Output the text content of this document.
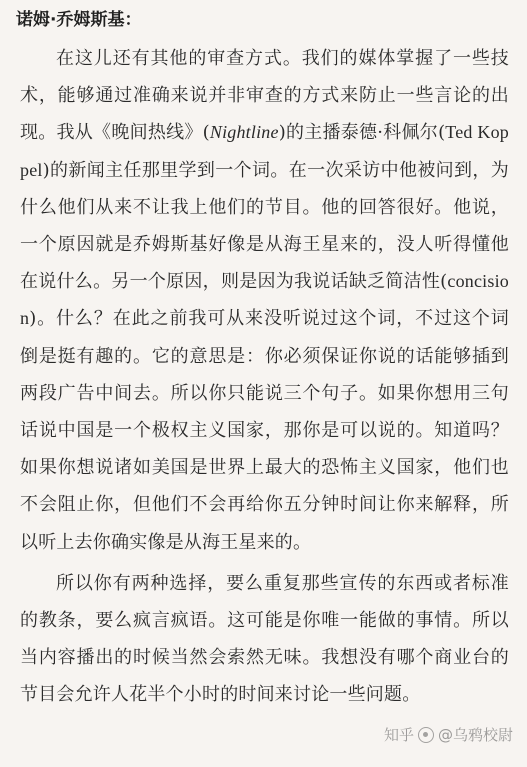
诺姆·乔姆斯基：

在这儿还有其他的审查方式。我们的媒体掌握了一些技术，能够通过准确来说并非审查的方式来防止一些言论的出现。我从《晚间热线》(Nightline)的主播泰德·科佩尔(Ted Koppel)的新闻主任那里学到一个词。在一次采访中他被问到，为什么他们从来不让我上他们的节目。他的回答很好。他说，一个原因就是乔姆斯基好像是从海王星来的，没人听得懂他在说什么。另一个原因，则是因为我说话缺乏简洁性(concision)。什么？在此之前我可从来没听说过这个词，不过这个词倒是挺有趣的。它的意思是：你必须保证你说的话能够插到两段广告中间去。所以你只能说三个句子。如果你想用三句话说中国是一个极权主义国家，那你是可以说的。知道吗？如果你想说诸如美国是世界上最大的恐怖主义国家，他们也不会阻止你，但他们不会再给你五分钟时间让你来解释，所以听上去你确实像是从海王星来的。

所以你有两种选择，要么重复那些宣传的东西或者标准的教条，要么疯言疯语。这可能是你唯一能做的事情。所以当内容播出的时候当然会索然无味。我想没有哪个商业台的节目会允许人花半个小时的时间来讨论一些问题。

知乎 @乌鸦校尉
